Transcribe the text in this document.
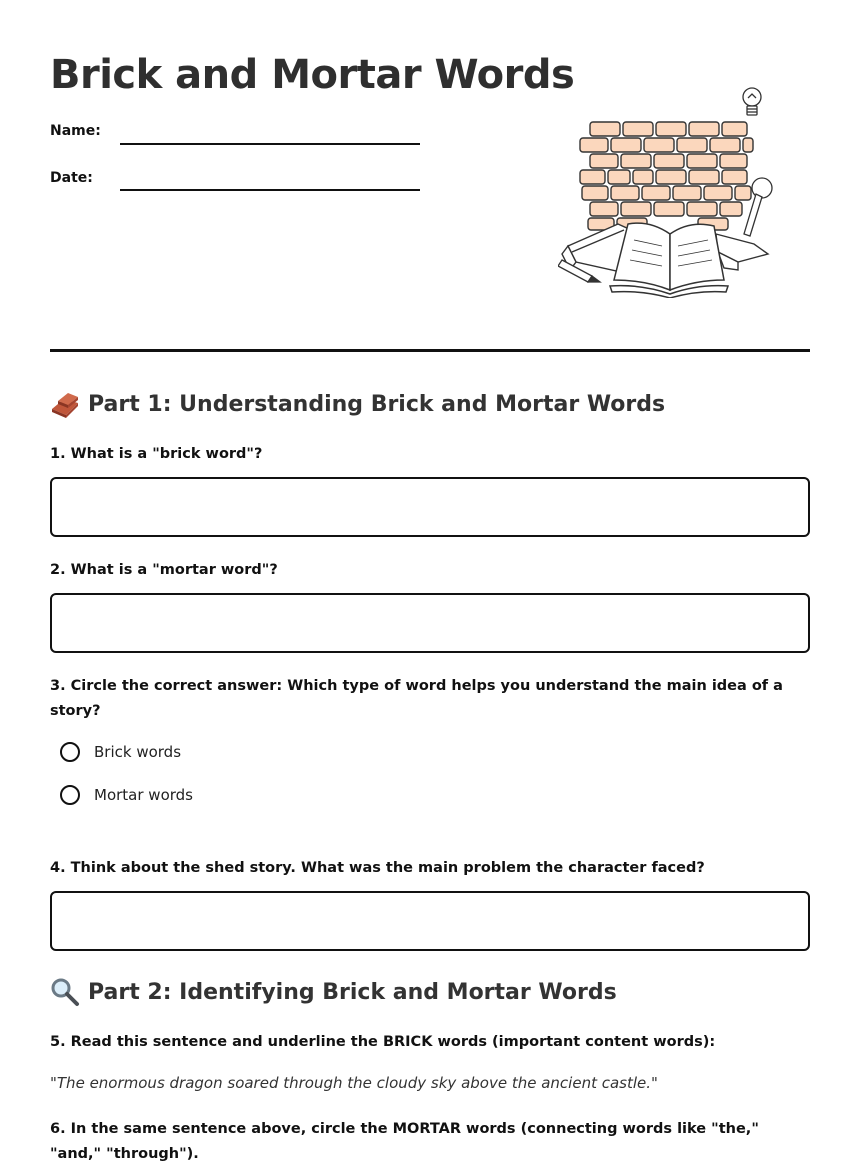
Brick and Mortar Words
Name:
Date:
Part 1: Understanding Brick and Mortar Words
1. What is a "brick word"?
2. What is a "mortar word"?
3. Circle the correct answer: Which type of word helps you understand the main idea of a story?
Brick words
Mortar words
4. Think about the shed story. What was the main problem the character faced?
Part 2: Identifying Brick and Mortar Words
5. Read this sentence and underline the BRICK words (important content words):
"The enormous dragon soared through the cloudy sky above the ancient castle."
6. In the same sentence above, circle the MORTAR words (connecting words like "the," "and," "through").
